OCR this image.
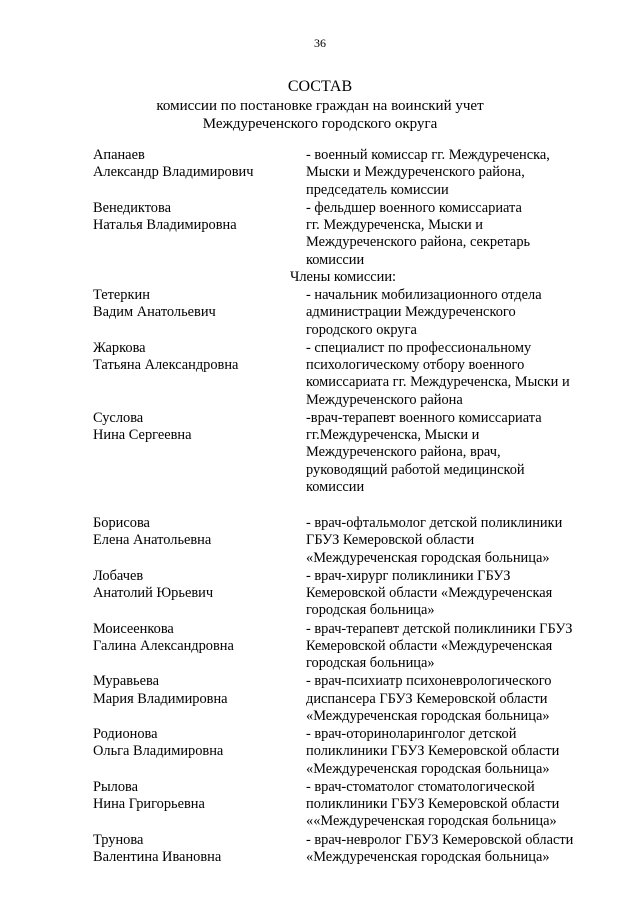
36
СОСТАВ
комиссии по постановке граждан на воинский учет
Междуреченского городского округа
Апанаев
Александр Владимирович
- военный комиссар гг. Междуреченска,
Мыски и Междуреченского района,
председатель комиссии
Венедиктова
Наталья Владимировна
- фельдшер военного комиссариата
гг. Междуреченска, Мыски и
Междуреченского района, секретарь
комиссии
Члены комиссии:
Тетеркин
Вадим Анатольевич
- начальник мобилизационного отдела
администрации Междуреченского
городского округа
Жаркова
Татьяна Александровна
- специалист по профессиональному
психологическому отбору военного
комиссариата гг. Междуреченска, Мыски и
Междуреченского района
Суслова
Нина Сергеевна
-врач-терапевт военного комиссариата
гг.Междуреченска, Мыски и
Междуреченского района, врач,
руководящий работой медицинской
комиссии
Борисова
Елена Анатольевна
- врач-офтальмолог детской поликлиники
ГБУЗ Кемеровской области
«Междуреченская городская больница»
Лобачев
Анатолий Юрьевич
- врач-хирург поликлиники ГБУЗ
Кемеровской области «Междуреченская
городская больница»
Моисеенкова
Галина Александровна
- врач-терапевт детской поликлиники ГБУЗ
Кемеровской области «Междуреченская
городская больница»
Муравьева
Мария Владимировна
- врач-психиатр психоневрологического
диспансера ГБУЗ Кемеровской области
«Междуреченская городская больница»
Родионова
Ольга Владимировна
- врач-оториноларинголог детской
поликлиники ГБУЗ Кемеровской области
«Междуреченская городская больница»
Рылова
Нина Григорьевна
- врач-стоматолог стоматологической
поликлиники ГБУЗ Кемеровской области
««Междуреченская городская больница»
Трунова
Валентина Ивановна
- врач-невролог ГБУЗ Кемеровской области
«Междуреченская городская больница»
